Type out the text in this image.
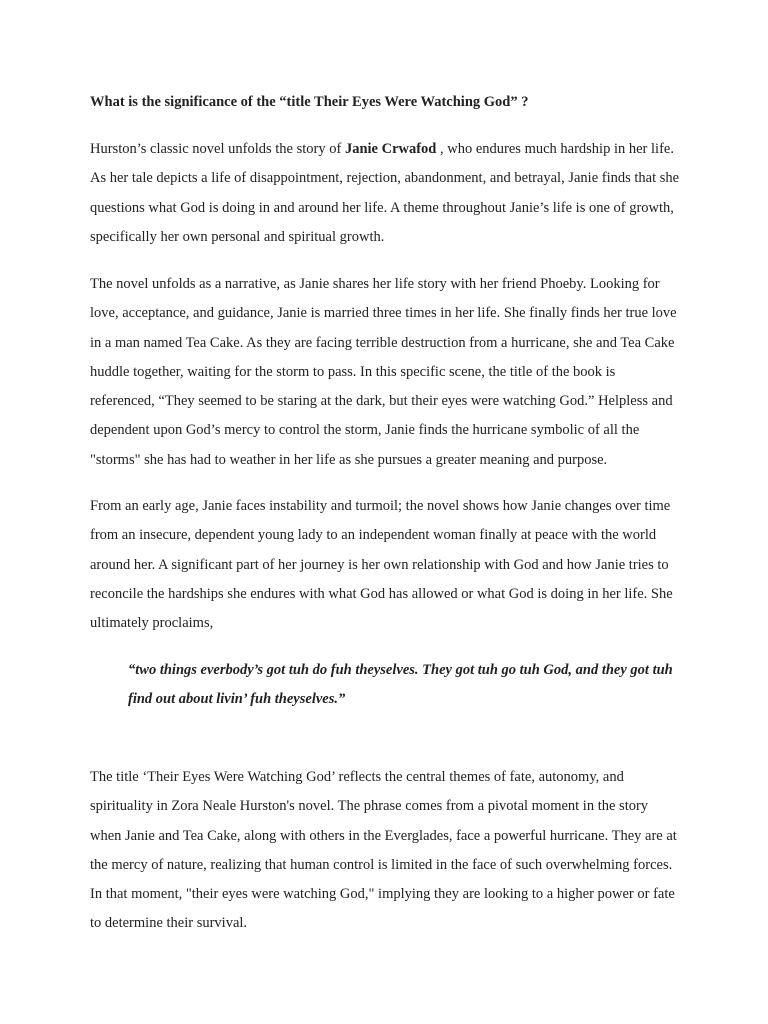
What is the significance of the “title Their Eyes Were Watching God” ?

Hurston’s classic novel unfolds the story of Janie Crwafod , who endures much hardship in her life. As her tale depicts a life of disappointment, rejection, abandonment, and betrayal, Janie finds that she questions what God is doing in and around her life. A theme throughout Janie’s life is one of growth, specifically her own personal and spiritual growth.

The novel unfolds as a narrative, as Janie shares her life story with her friend Phoeby. Looking for love, acceptance, and guidance, Janie is married three times in her life. She finally finds her true love in a man named Tea Cake. As they are facing terrible destruction from a hurricane, she and Tea Cake huddle together, waiting for the storm to pass. In this specific scene, the title of the book is referenced, “They seemed to be staring at the dark, but their eyes were watching God.” Helpless and dependent upon God’s mercy to control the storm, Janie finds the hurricane symbolic of all the "storms" she has had to weather in her life as she pursues a greater meaning and purpose.

From an early age, Janie faces instability and turmoil; the novel shows how Janie changes over time from an insecure, dependent young lady to an independent woman finally at peace with the world around her. A significant part of her journey is her own relationship with God and how Janie tries to reconcile the hardships she endures with what God has allowed or what God is doing in her life. She ultimately proclaims,

“two things everbody’s got tuh do fuh theyselves. They got tuh go tuh God, and they got tuh find out about livin’ fuh theyselves.”

The title ‘Their Eyes Were Watching God’ reflects the central themes of fate, autonomy, and spirituality in Zora Neale Hurston's novel. The phrase comes from a pivotal moment in the story when Janie and Tea Cake, along with others in the Everglades, face a powerful hurricane. They are at the mercy of nature, realizing that human control is limited in the face of such overwhelming forces. In that moment, "their eyes were watching God," implying they are looking to a higher power or fate to determine their survival.
